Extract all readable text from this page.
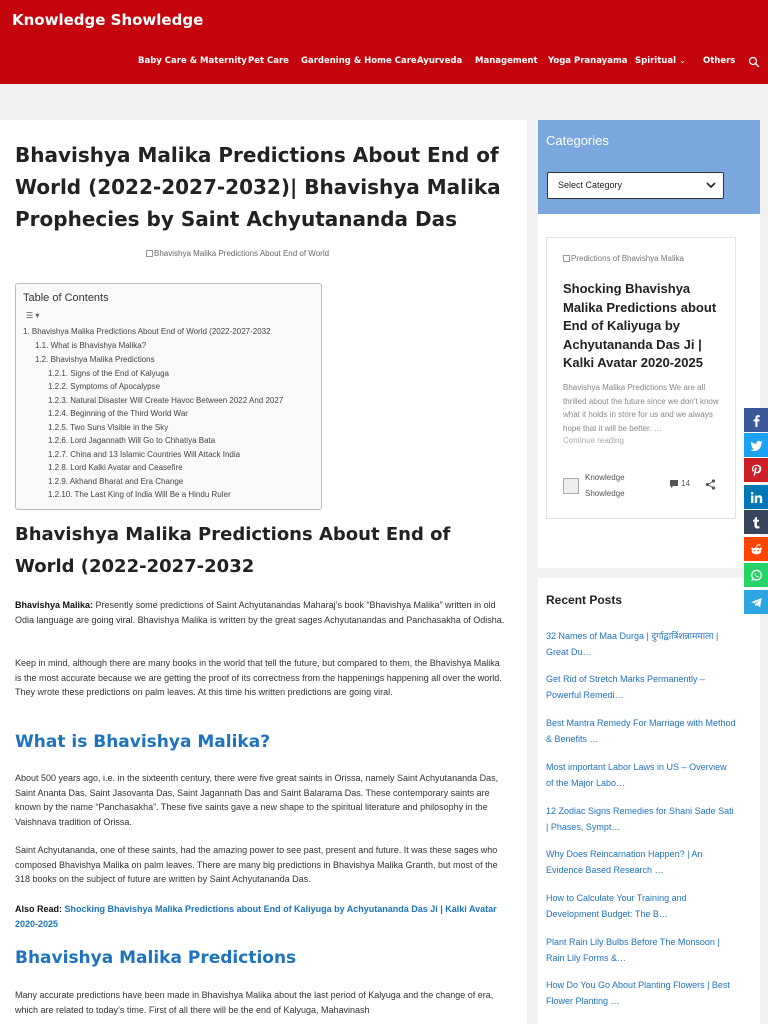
Knowledge Showledge
Baby Care & Maternity Pet Care Gardening & Home Care Ayurveda Management Yoga Pranayama Spiritual ⌄ Others
Bhavishya Malika Predictions About End of
World (2022-2027-2032)| Bhavishya Malika
Prophecies by Saint Achyutananda Das
Bhavishya Malika Predictions About End of World
Table of Contents
☰ ▾
1. Bhavishya Malika Predictions About End of World (2022-2027-2032
1.1. What is Bhavishya Malika?
1.2. Bhavishya Malika Predictions
1.2.1. Signs of the End of Kalyuga
1.2.2. Symptoms of Apocalypse
1.2.3. Natural Disaster Will Create Havoc Between 2022 And 2027
1.2.4. Beginning of the Third World War
1.2.5. Two Suns Visible in the Sky
1.2.6. Lord Jagannath Will Go to Chhatiya Bata
1.2.7. China and 13 Islamic Countries Will Attack India
1.2.8. Lord Kalki Avatar and Ceasefire
1.2.9. Akhand Bharat and Era Change
1.2.10. The Last King of India Will Be a Hindu Ruler
Bhavishya Malika Predictions About End of
World (2022-2027-2032

Bhavishya Malika: Presently some predictions of Saint Achyutanandas Maharaj’s book “Bhavishya Malika” written in old Odia language are going viral. Bhavishya Malika is written by the great sages Achyutanandas and Panchasakha of Odisha.

Keep in mind, although there are many books in the world that tell the future, but compared to them, the Bhavishya Malika is the most accurate because we are getting the proof of its correctness from the happenings happening all over the world. They wrote these predictions on palm leaves. At this time his written predictions are going viral.

What is Bhavishya Malika?

About 500 years ago, i.e. in the sixteenth century, there were five great saints in Orissa, namely Saint Achyutananda Das, Saint Ananta Das, Saint Jasovanta Das, Saint Jagannath Das and Saint Balarama Das. These contemporary saints are known by the name “Panchasakha”. These five saints gave a new shape to the spiritual literature and philosophy in the Vaishnava tradition of Orissa.

Saint Achyutananda, one of these saints, had the amazing power to see past, present and future. It was these sages who composed Bhavishya Malika on palm leaves. There are many big predictions in Bhavishya Malika Granth, but most of the 318 books on the subject of future are written by Saint Achyutananda Das.

Also Read: Shocking Bhavishya Malika Predictions about End of Kaliyuga by Achyutananda Das Ji | Kalki Avatar 2020-2025

Bhavishya Malika Predictions

Many accurate predictions have been made in Bhavishya Malika about the last period of Kalyuga and the change of era, which are related to today’s time. First of all there will be the end of Kalyuga, Mahavinash

Categories
Select Category
Predictions of Bhavishya Malika
Shocking Bhavishya Malika Predictions about End of Kaliyuga by Achyutananda Das Ji | Kalki Avatar 2020-2025
Bhavishya Malika Predictions We are all thrilled about the future since we don’t know what it holds in store for us and we always hope that it will be better. …
Continue reading
Knowledge Showledge
14
Recent Posts
32 Names of Maa Durga | दुर्गाद्वात्रिंशन्नाममाला | Great Du…
Get Rid of Stretch Marks Permanently – Powerful Remedi…
Best Mantra Remedy For Marriage with Method & Benefits …
Most important Labor Laws in US – Overview of the Major Labo…
12 Zodiac Signs Remedies for Shani Sade Sati | Phases, Sympt…
Why Does Reincarnation Happen? | An Evidence Based Research …
How to Calculate Your Training and Development Budget: The B…
Plant Rain Lily Bulbs Before The Monsoon | Rain Lily Forms &…
How Do You Go About Planting Flowers | Best Flower Planting …
